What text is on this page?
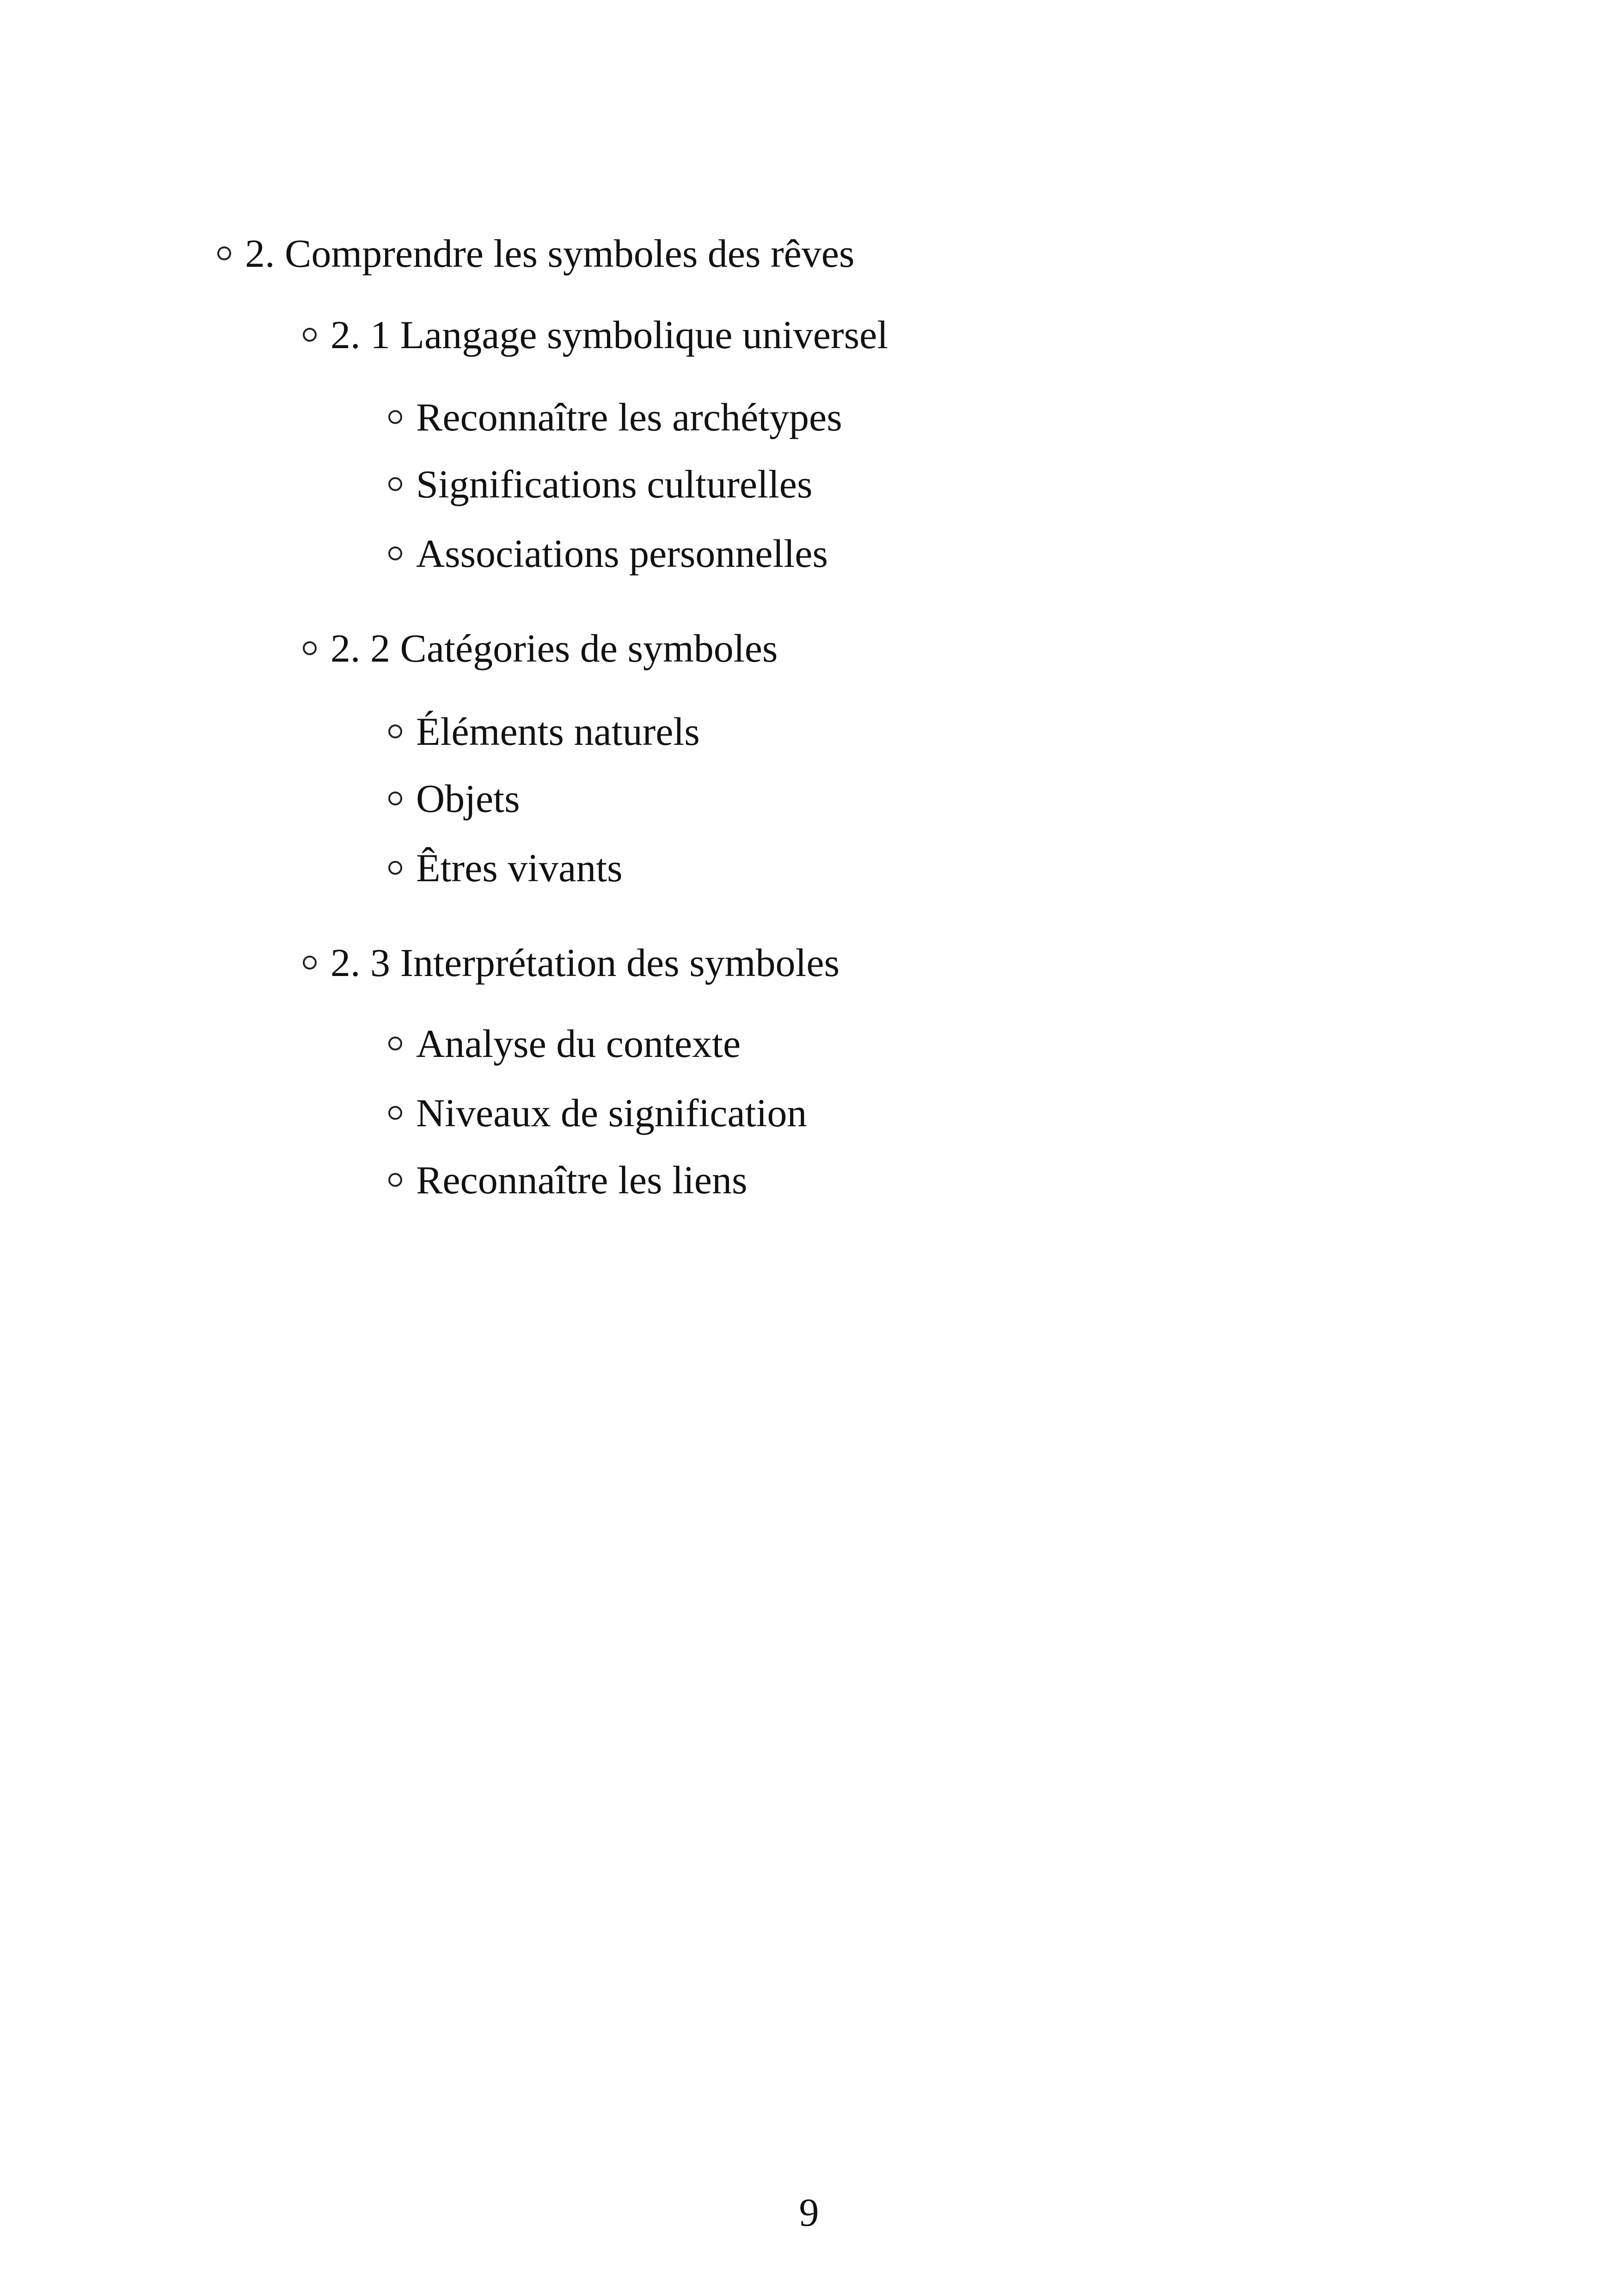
2. Comprendre les symboles des rêves
2. 1 Langage symbolique universel
Reconnaître les archétypes
Significations culturelles
Associations personnelles
2. 2 Catégories de symboles
Éléments naturels
Objets
Êtres vivants
2. 3 Interprétation des symboles
Analyse du contexte
Niveaux de signification
Reconnaître les liens
9
